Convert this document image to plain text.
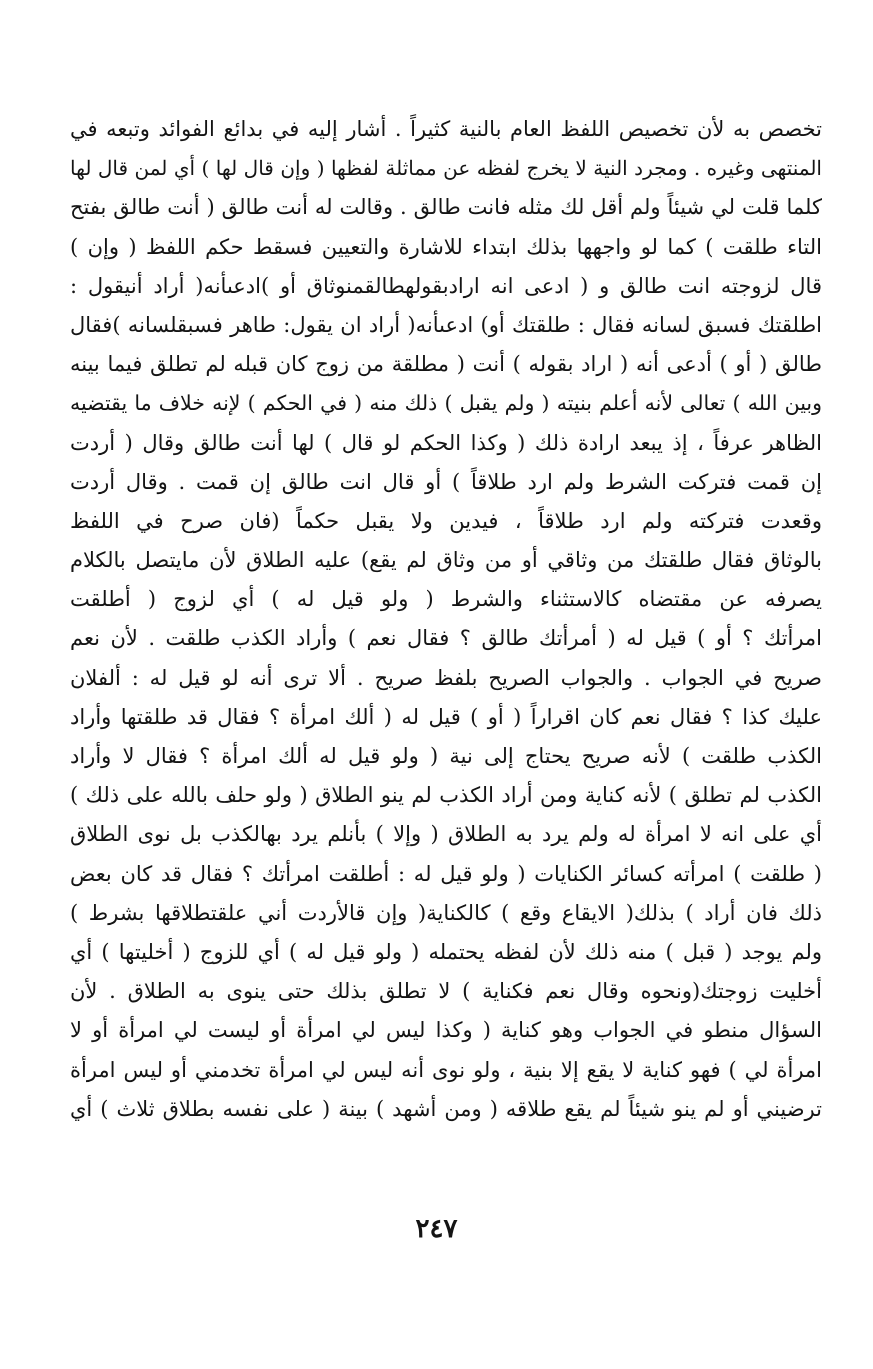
تخصص به لأن تخصيص اللفظ العام بالنية كثيراً . أشار إليه في بدائع الفوائد وتبعه في
المنتهى وغيره . ومجرد النية لا يخرج لفظه عن مماثلة لفظها ( وإن قال لها ) أي لمن قال لها
كلما قلت لي شيئاً ولم أقل لك مثله فانت طالق . وقالت له أنت طالق ( أنت طالق بفتح
التاء طلقت ) كما لو واجهها بذلك ابتداء للاشارة والتعيين فسقط حكم اللفظ ( وإن )
قال لزوجته انت طالق و ( ادعى انه ارادبقولهطالقمنوثاق أو )ادعىأنه( أراد أنيقول :
اطلقتك فسبق لسانه فقال : طلقتك أو) ادعىأنه( أراد ان يقول: طاهر فسبقلسانه )فقال
طالق ( أو ) أدعى أنه ( اراد بقوله ) أنت ( مطلقة من زوج كان قبله لم تطلق فيما بينه
وبين الله ) تعالى لأنه أعلم بنيته ( ولم يقبل ) ذلك منه ( في الحكم ) لإنه خلاف ما يقتضيه
الظاهر عرفاً ، إذ يبعد ارادة ذلك ( وكذا الحكم لو قال ) لها أنت طالق وقال ( أردت
إن قمت فتركت الشرط ولم ارد طلاقاً ) أو قال انت طالق إن قمت . وقال أردت
وقعدت فتركته ولم ارد طلاقاً ، فيدين ولا يقبل حكماً (فان صرح في اللفظ
بالوثاق فقال طلقتك من وثاقي أو من وثاق لم يقع) عليه الطلاق لأن مايتصل بالكلام
يصرفه عن مقتضاه كالاستثناء والشرط ( ولو قيل له ) أي لزوج ( أطلقت
امرأتك ؟ أو ) قيل له ( أمرأتك طالق ؟ فقال نعم ) وأراد الكذب طلقت . لأن نعم
صريح في الجواب . والجواب الصريح بلفظ صريح . ألا ترى أنه لو قيل له : ألفلان
عليك كذا ؟ فقال نعم كان اقراراً ( أو ) قيل له ( ألك امرأة ؟ فقال قد طلقتها وأراد
الكذب طلقت ) لأنه صريح يحتاج إلى نية ( ولو قيل له ألك امرأة ؟ فقال لا وأراد
الكذب لم تطلق ) لأنه كناية ومن أراد الكذب لم ينو الطلاق ( ولو حلف بالله على ذلك )
أي على انه لا امرأة له ولم يرد به الطلاق ( وإلا ) بأنلم يرد بهالكذب بل نوى الطلاق
( طلقت ) امرأته كسائر الكنايات ( ولو قيل له : أطلقت امرأتك ؟ فقال قد كان بعض
ذلك فان أراد ) بذلك( الايقاع وقع ) كالكناية( وإن قالأردت أني علقتطلاقها بشرط )
ولم يوجد ( قبل ) منه ذلك لأن لفظه يحتمله ( ولو قيل له ) أي للزوج ( أخليتها ) أي
أخليت زوجتك(ونحوه وقال نعم فكناية ) لا تطلق بذلك حتى ينوى به الطلاق . لأن
السؤال منطو في الجواب وهو كناية ( وكذا ليس لي امرأة أو ليست لي امرأة أو لا
امرأة لي ) فهو كناية لا يقع إلا بنية ، ولو نوى أنه ليس لي امرأة تخدمني أو ليس امرأة
ترضيني أو لم ينو شيئاً لم يقع طلاقه ( ومن أشهد ) بينة ( على نفسه بطلاق ثلاث ) أي
٢٤٧
